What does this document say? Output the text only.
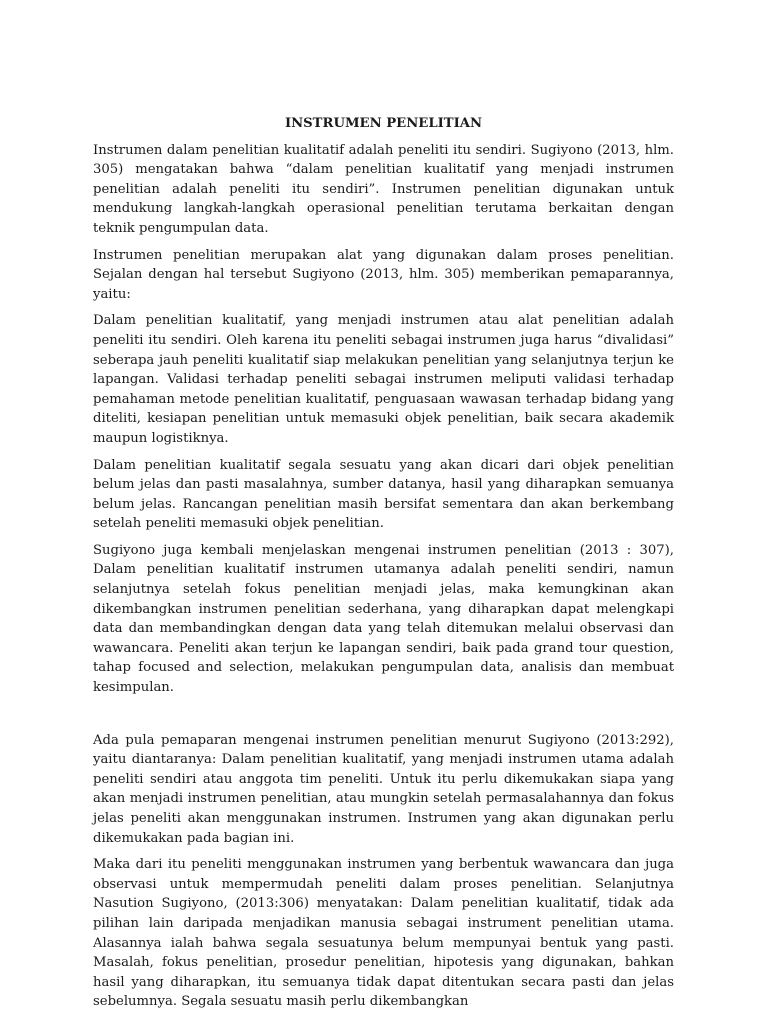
INSTRUMEN PENELITIAN

Instrumen dalam penelitian kualitatif adalah peneliti itu sendiri. Sugiyono (2013, hlm. 305) mengatakan bahwa “dalam penelitian kualitatif yang menjadi instrumen penelitian adalah peneliti itu sendiri”. Instrumen penelitian digunakan untuk mendukung langkah-langkah operasional penelitian terutama berkaitan dengan teknik pengumpulan data.

Instrumen penelitian merupakan alat yang digunakan dalam proses penelitian. Sejalan dengan hal tersebut Sugiyono (2013, hlm. 305) memberikan pemaparannya, yaitu:

Dalam penelitian kualitatif, yang menjadi instrumen atau alat penelitian adalah peneliti itu sendiri. Oleh karena itu peneliti sebagai instrumen juga harus “divalidasi” seberapa jauh peneliti kualitatif siap melakukan penelitian yang selanjutnya terjun ke lapangan. Validasi terhadap peneliti sebagai instrumen meliputi validasi terhadap pemahaman metode penelitian kualitatif, penguasaan wawasan terhadap bidang yang diteliti, kesiapan penelitian untuk memasuki objek penelitian, baik secara akademik maupun logistiknya.

Dalam penelitian kualitatif segala sesuatu yang akan dicari dari objek penelitian belum jelas dan pasti masalahnya, sumber datanya, hasil yang diharapkan semuanya belum jelas. Rancangan penelitian masih bersifat sementara dan akan berkembang setelah peneliti memasuki objek penelitian.

Sugiyono juga kembali menjelaskan mengenai instrumen penelitian (2013 : 307), Dalam penelitian kualitatif instrumen utamanya adalah peneliti sendiri, namun selanjutnya setelah fokus penelitian menjadi jelas, maka kemungkinan akan dikembangkan instrumen penelitian sederhana, yang diharapkan dapat melengkapi data dan membandingkan dengan data yang telah ditemukan melalui observasi dan wawancara. Peneliti akan terjun ke lapangan sendiri, baik pada grand tour question, tahap focused and selection, melakukan pengumpulan data, analisis dan membuat kesimpulan.

Ada pula pemaparan mengenai instrumen penelitian menurut Sugiyono (2013:292), yaitu diantaranya: Dalam penelitian kualitatif, yang menjadi instrumen utama adalah peneliti sendiri atau anggota tim peneliti. Untuk itu perlu dikemukakan siapa yang akan menjadi instrumen penelitian, atau mungkin setelah permasalahannya dan fokus jelas peneliti akan menggunakan instrumen. Instrumen yang akan digunakan perlu dikemukakan pada bagian ini.

Maka dari itu peneliti menggunakan instrumen yang berbentuk wawancara dan juga observasi untuk mempermudah peneliti dalam proses penelitian. Selanjutnya Nasution Sugiyono, (2013:306) menyatakan: Dalam penelitian kualitatif, tidak ada pilihan lain daripada menjadikan manusia sebagai instrument penelitian utama. Alasannya ialah bahwa segala sesuatunya belum mempunyai bentuk yang pasti. Masalah, fokus penelitian, prosedur penelitian, hipotesis yang digunakan, bahkan hasil yang diharapkan, itu semuanya tidak dapat ditentukan secara pasti dan jelas sebelumnya. Segala sesuatu masih perlu dikembangkan
